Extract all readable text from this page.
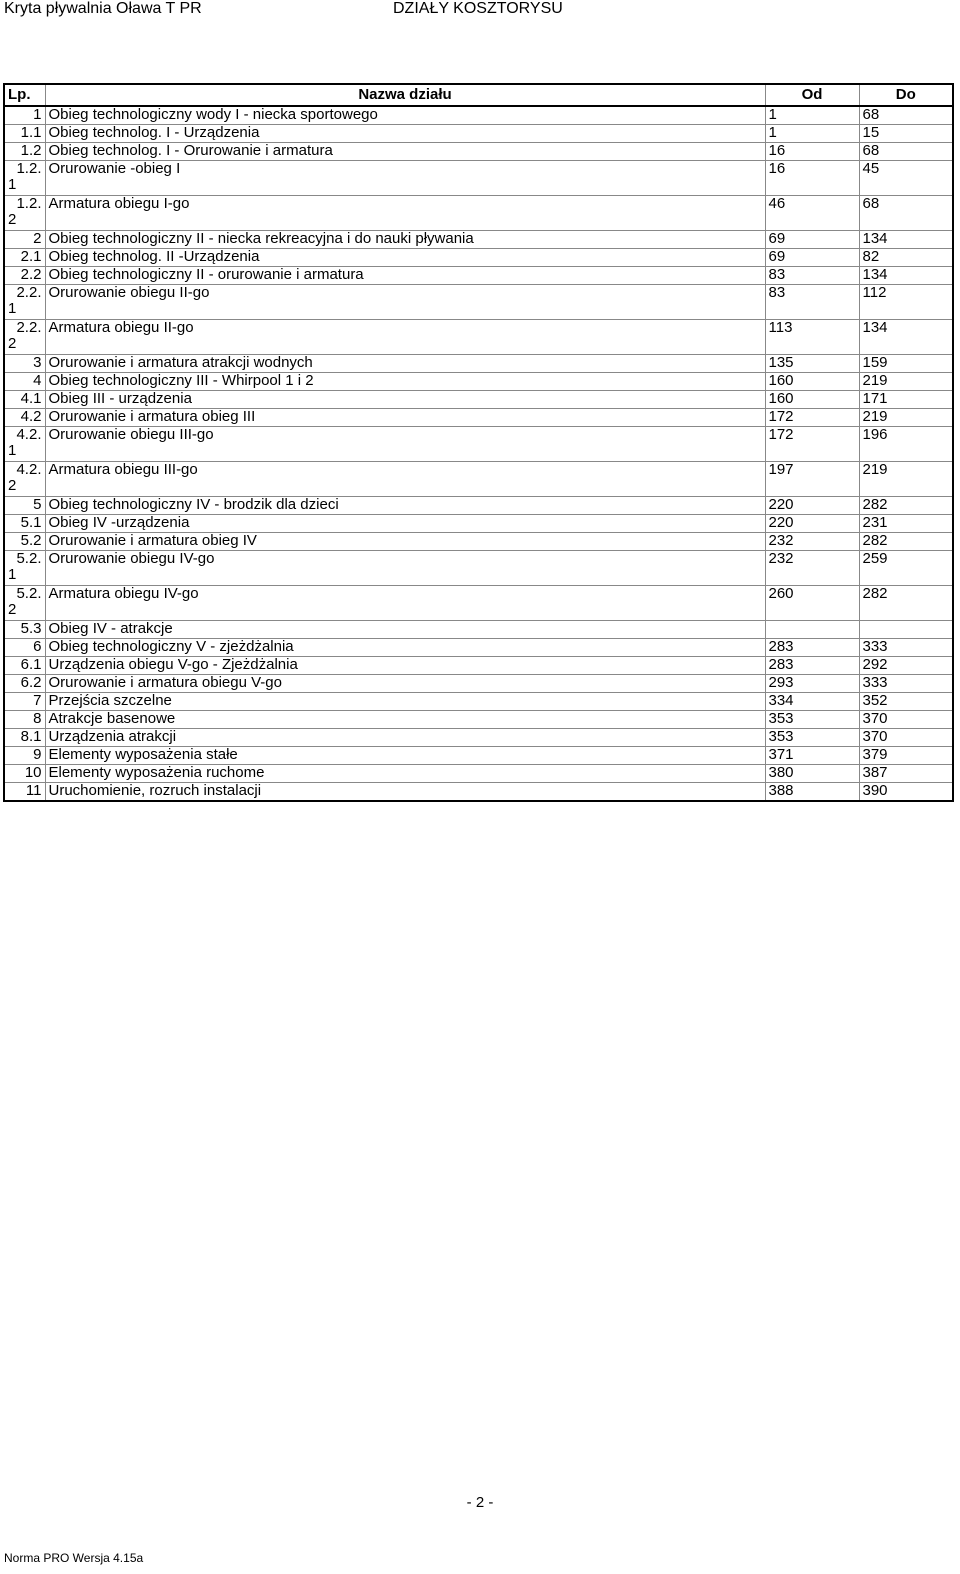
Kryta pływalnia Oława T PR	DZIAŁY KOSZTORYSU
Lp.	Nazwa działu	Od	Do

1	Obieg technologiczny wody I - niecka sportowego	1	68

1.1	Obieg technolog. I - Urządzenia	1	15

1.2	Obieg technolog. I - Orurowanie i armatura	16	68

1.2.
1	Orurowanie -obieg I	16	45

1.2.
2	Armatura obiegu I-go	46	68

2	Obieg technologiczny II - niecka rekreacyjna i do nauki pływania	69	134

2.1	Obieg technolog. II -Urządzenia	69	82

2.2	Obieg technologiczny II - orurowanie i armatura	83	134

2.2.
1	Orurowanie obiegu II-go	83	112

2.2.
2	Armatura obiegu II-go	113	134

3	Orurowanie i armatura atrakcji wodnych	135	159

4	Obieg technologiczny III - Whirpool 1 i 2	160	219

4.1	Obieg III - urządzenia	160	171

4.2	Orurowanie i armatura obieg III	172	219

4.2.
1	Orurowanie obiegu III-go	172	196

4.2.
2	Armatura obiegu III-go	197	219

5	Obieg technologiczny IV - brodzik dla dzieci	220	282

5.1	Obieg IV -urządzenia	220	231

5.2	Orurowanie i armatura obieg IV	232	282

5.2.
1	Orurowanie obiegu IV-go	232	259

5.2.
2	Armatura obiegu IV-go	260	282

5.3	Obieg IV - atrakcje		

6	Obieg technologiczny V - zjeżdżalnia	283	333

6.1	Urządzenia obiegu V-go - Zjeżdżalnia	283	292

6.2	Orurowanie i armatura obiegu V-go	293	333

7	Przejścia szczelne	334	352

8	Atrakcje basenowe	353	370

8.1	Urządzenia atrakcji	353	370

9	Elementy wyposażenia stałe	371	379

10	Elementy wyposażenia ruchome	380	387

11	Uruchomienie, rozruch instalacji	388	390
- 2 -
Norma PRO Wersja 4.15a
